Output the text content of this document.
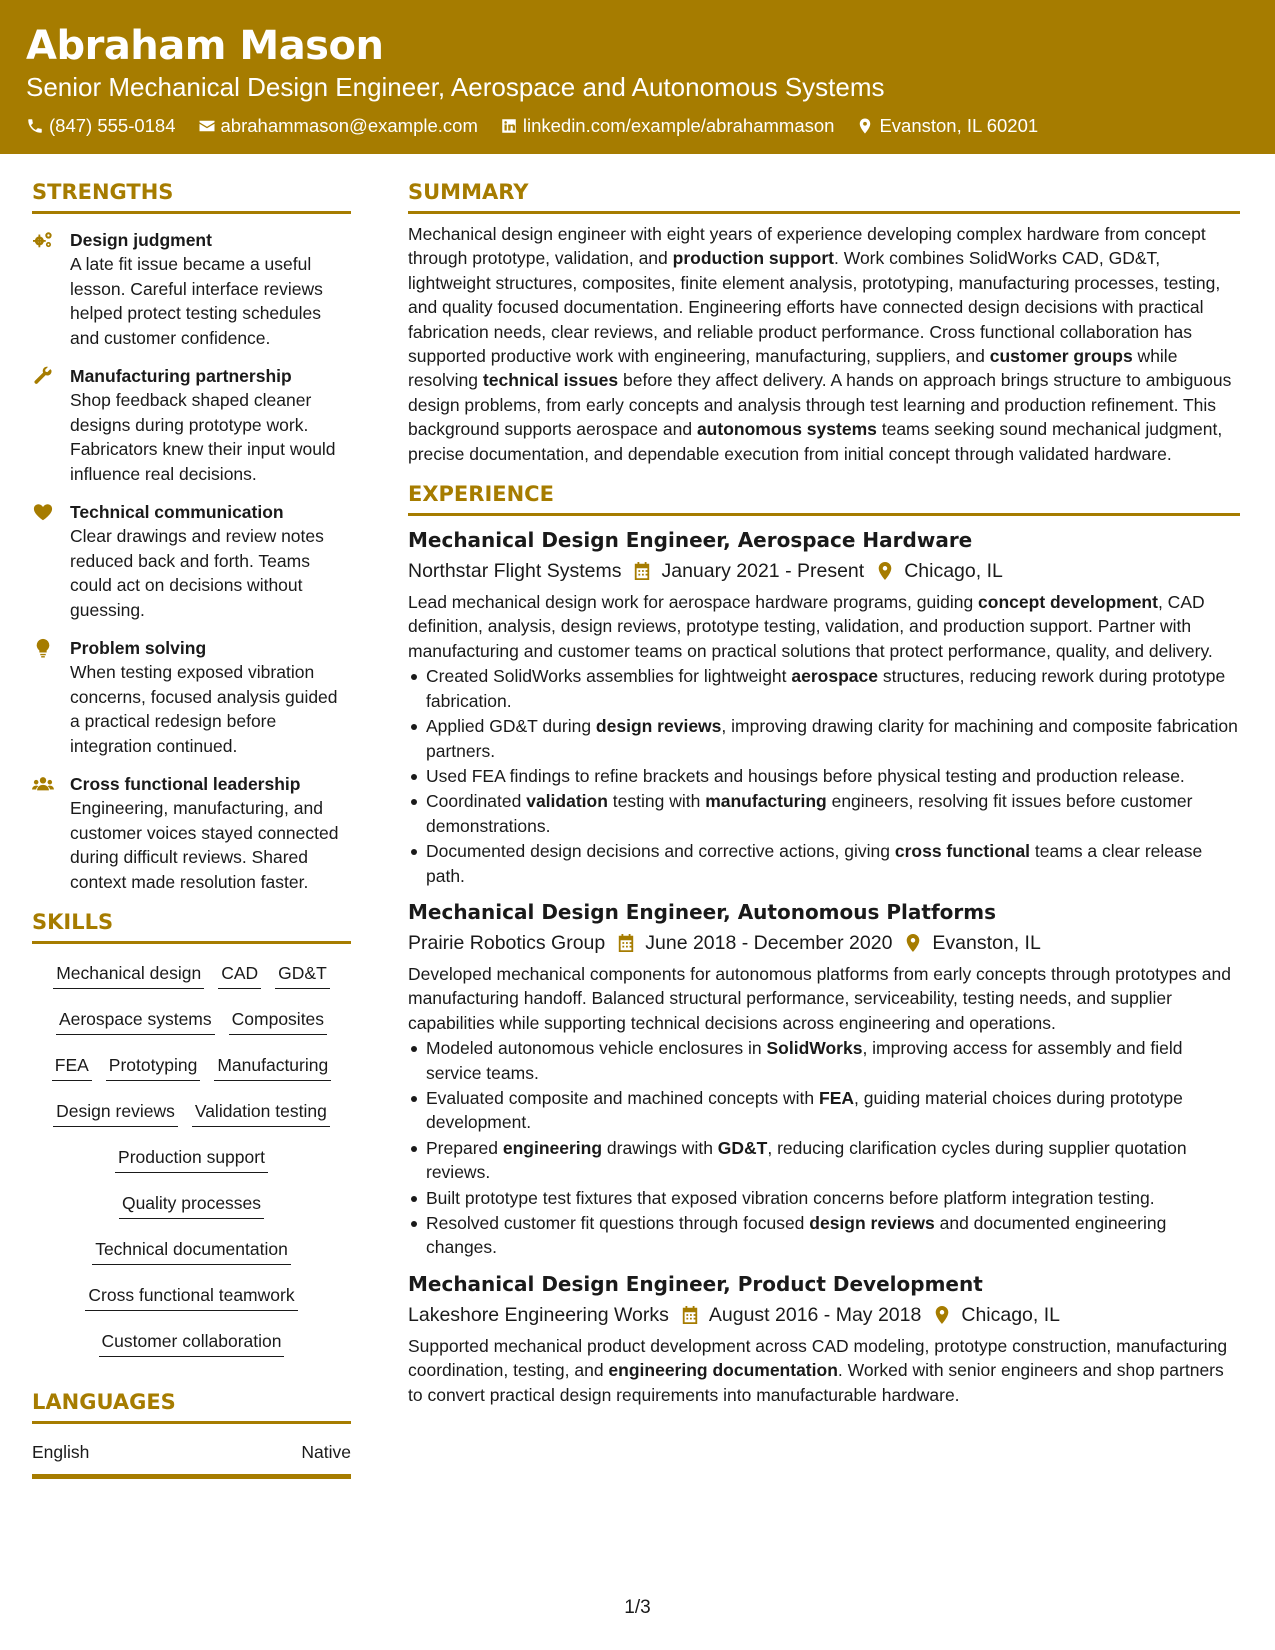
Abraham Mason
Senior Mechanical Design Engineer, Aerospace and Autonomous Systems
(847) 555-0184 abrahammason@example.com linkedin.com/example/abrahammason Evanston, IL 60201
STRENGTHS
Design judgment
A late fit issue became a useful lesson. Careful interface reviews helped protect testing schedules and customer confidence.
Manufacturing partnership
Shop feedback shaped cleaner designs during prototype work. Fabricators knew their input would influence real decisions.
Technical communication
Clear drawings and review notes reduced back and forth. Teams could act on decisions without guessing.
Problem solving
When testing exposed vibration concerns, focused analysis guided a practical redesign before integration continued.
Cross functional leadership
Engineering, manufacturing, and customer voices stayed connected during difficult reviews. Shared context made resolution faster.
SKILLS
Mechanical design CAD GD&T
Aerospace systems Composites
FEA Prototyping Manufacturing
Design reviews Validation testing
Production support
Quality processes
Technical documentation
Cross functional teamwork
Customer collaboration
LANGUAGES
English	Native
SUMMARY
Mechanical design engineer with eight years of experience developing complex hardware from concept through prototype, validation, and production support. Work combines SolidWorks CAD, GD&T, lightweight structures, composites, finite element analysis, prototyping, manufacturing processes, testing, and quality focused documentation. Engineering efforts have connected design decisions with practical fabrication needs, clear reviews, and reliable product performance. Cross functional collaboration has supported productive work with engineering, manufacturing, suppliers, and customer groups while resolving technical issues before they affect delivery. A hands on approach brings structure to ambiguous design problems, from early concepts and analysis through test learning and production refinement. This background supports aerospace and autonomous systems teams seeking sound mechanical judgment, precise documentation, and dependable execution from initial concept through validated hardware.
EXPERIENCE
Mechanical Design Engineer, Aerospace Hardware
Northstar Flight Systems January 2021 - Present Chicago, IL
Lead mechanical design work for aerospace hardware programs, guiding concept development, CAD definition, analysis, design reviews, prototype testing, validation, and production support. Partner with manufacturing and customer teams on practical solutions that protect performance, quality, and delivery.
Created SolidWorks assemblies for lightweight aerospace structures, reducing rework during prototype fabrication.
Applied GD&T during design reviews, improving drawing clarity for machining and composite fabrication partners.
Used FEA findings to refine brackets and housings before physical testing and production release.
Coordinated validation testing with manufacturing engineers, resolving fit issues before customer demonstrations.
Documented design decisions and corrective actions, giving cross functional teams a clear release path.
Mechanical Design Engineer, Autonomous Platforms
Prairie Robotics Group June 2018 - December 2020 Evanston, IL
Developed mechanical components for autonomous platforms from early concepts through prototypes and manufacturing handoff. Balanced structural performance, serviceability, testing needs, and supplier capabilities while supporting technical decisions across engineering and operations.
Modeled autonomous vehicle enclosures in SolidWorks, improving access for assembly and field service teams.
Evaluated composite and machined concepts with FEA, guiding material choices during prototype development.
Prepared engineering drawings with GD&T, reducing clarification cycles during supplier quotation reviews.
Built prototype test fixtures that exposed vibration concerns before platform integration testing.
Resolved customer fit questions through focused design reviews and documented engineering changes.
Mechanical Design Engineer, Product Development
Lakeshore Engineering Works August 2016 - May 2018 Chicago, IL
Supported mechanical product development across CAD modeling, prototype construction, manufacturing coordination, testing, and engineering documentation. Worked with senior engineers and shop partners to convert practical design requirements into manufacturable hardware.
1/3
